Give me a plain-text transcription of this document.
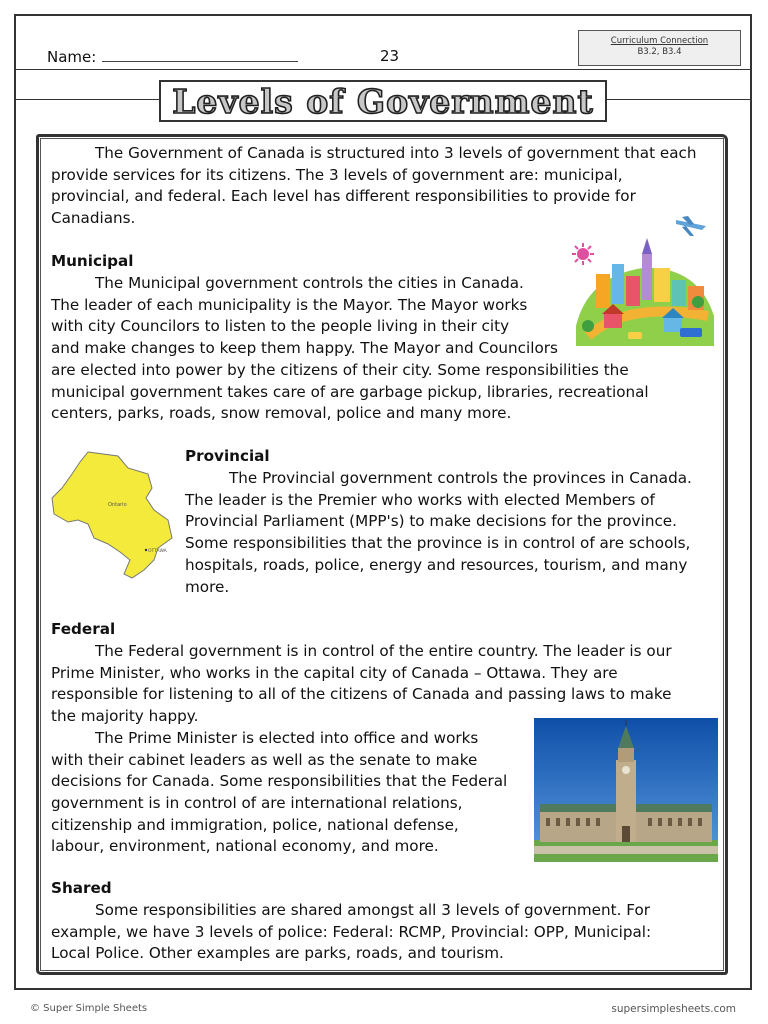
Name:	23
Curriculum Connection
B3.2, B3.4
Levels of Government
The Government of Canada is structured into 3 levels of government that each
provide services for its citizens. The 3 levels of government are: municipal,
provincial, and federal. Each level has different responsibilities to provide for
Canadians.
Municipal
The Municipal government controls the cities in Canada.
The leader of each municipality is the Mayor. The Mayor works
with city Councilors to listen to the people living in their city
and make changes to keep them happy. The Mayor and Councilors
are elected into power by the citizens of their city. Some responsibilities the
municipal government takes care of are garbage pickup, libraries, recreational
centers, parks, roads, snow removal, police and many more.
Ontario
OTTAWA
Provincial
The Provincial government controls the provinces in Canada.
The leader is the Premier who works with elected Members of
Provincial Parliament (MPP's) to make decisions for the province.
Some responsibilities that the province is in control of are schools,
hospitals, roads, police, energy and resources, tourism, and many
more.
Federal
The Federal government is in control of the entire country. The leader is our
Prime Minister, who works in the capital city of Canada – Ottawa. They are
responsible for listening to all of the citizens of Canada and passing laws to make
the majority happy.
The Prime Minister is elected into office and works
with their cabinet leaders as well as the senate to make
decisions for Canada. Some responsibilities that the Federal
government is in control of are international relations,
citizenship and immigration, police, national defense,
labour, environment, national economy, and more.
Shared
Some responsibilities are shared amongst all 3 levels of government. For
example, we have 3 levels of police: Federal: RCMP, Provincial: OPP, Municipal:
Local Police. Other examples are parks, roads, and tourism.
© Super Simple Sheets	supersimplesheets.com
